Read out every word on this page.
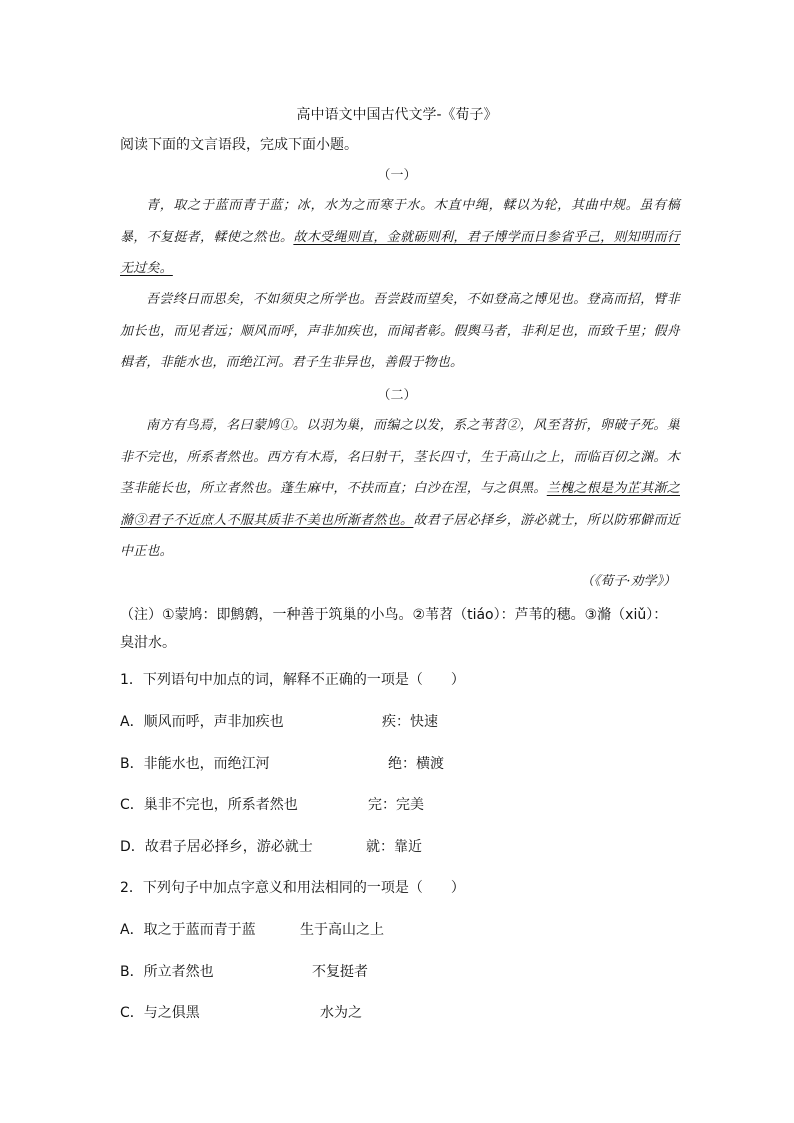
高中语文中国古代文学-《荀子》
阅读下面的文言语段，完成下面小题。
（一）
青，取之于蓝而青于蓝；冰，水为之而寒于水。木直中绳，輮以为轮，其曲中规。虽有槁暴，不复挺者，輮使之然也。故木受绳则直，金就砺则利，君子博学而日参省乎己，则知明而行无过矣。
吾尝终日而思矣，不如须臾之所学也。吾尝跂而望矣，不如登高之博见也。登高而招，臂非加长也，而见者远；顺风而呼，声非加疾也，而闻者彰。假舆马者，非利足也，而致千里；假舟楫者，非能水也，而绝江河。君子生非异也，善假于物也。
（二）
南方有鸟焉，名曰蒙鸠①。以羽为巢，而编之以发，系之苇苕②，风至苕折，卵破子死。巢非不完也，所系者然也。西方有木焉，名曰射干，茎长四寸，生于高山之上，而临百仞之渊。木茎非能长也，所立者然也。蓬生麻中，不扶而直；白沙在涅，与之俱黑。兰槐之根是为芷其渐之滫③君子不近庶人不服其质非不美也所渐者然也。故君子居必择乡，游必就士，所以防邪僻而近中正也。
（《荀子·劝学》）
（注）①蒙鸠：即鹪鹩，一种善于筑巢的小鸟。②苇苕（tiáo）：芦苇的穗。③滫（xiǔ）：臭泔水。
1．下列语句中加点的词，解释不正确的一项是（　　）
A．顺风而呼，声非加疾也	疾：快速
B．非能水也，而绝江河	绝：横渡
C．巢非不完也，所系者然也	完：完美
D．故君子居必择乡，游必就士	就：靠近
2．下列句子中加点字意义和用法相同的一项是（　　）
A．取之于蓝而青于蓝	生于高山之上
B．所立者然也	不复挺者
C．与之俱黑	水为之
